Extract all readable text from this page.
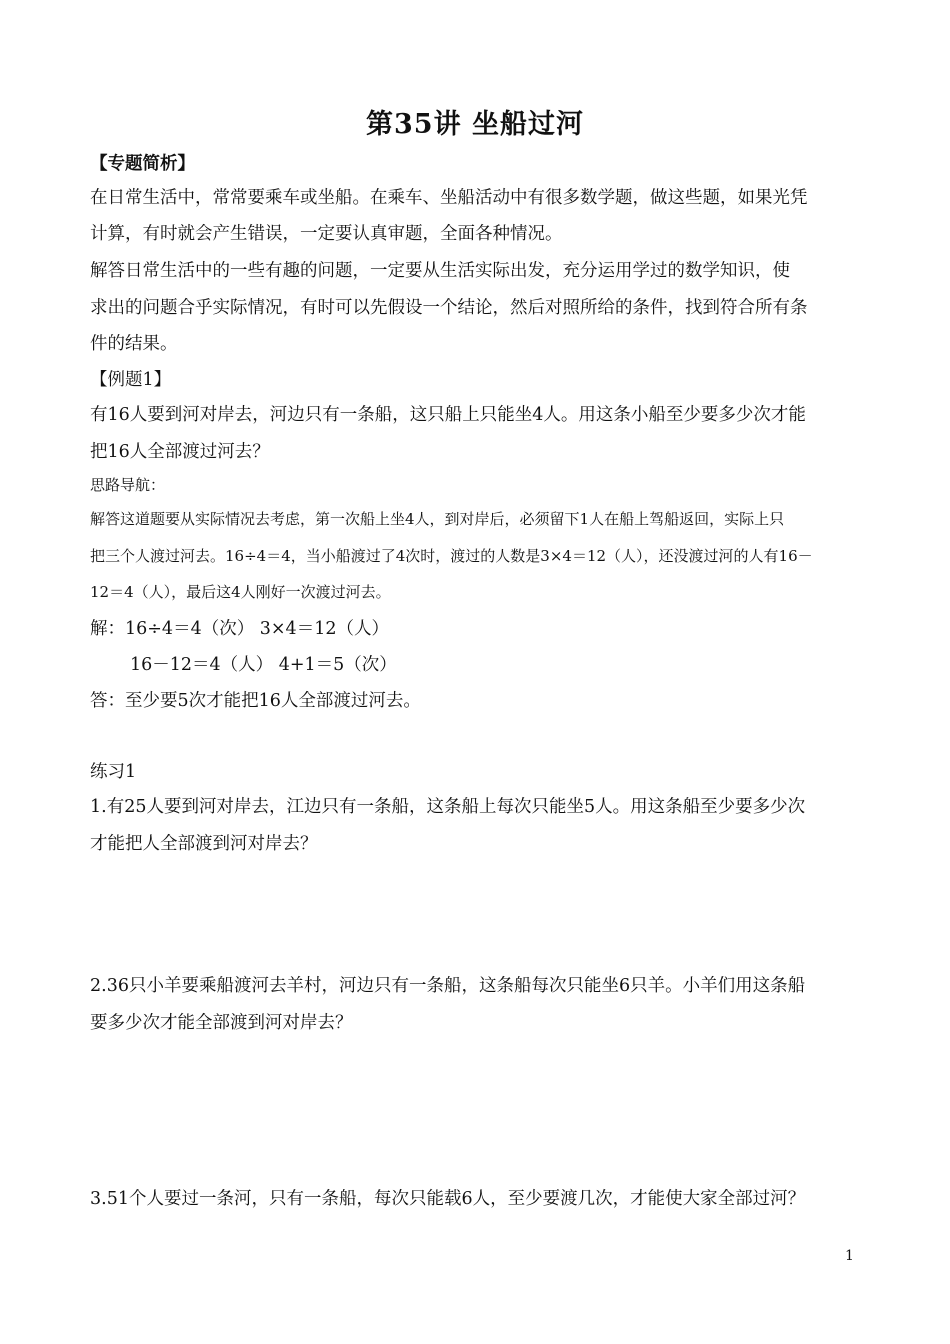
第35讲 坐船过河
【专题简析】
在日常生活中，常常要乘车或坐船。在乘车、坐船活动中有很多数学题，做这些题，如果光凭
计算，有时就会产生错误，一定要认真审题，全面各种情况。
解答日常生活中的一些有趣的问题，一定要从生活实际出发，充分运用学过的数学知识，使
求出的问题合乎实际情况，有时可以先假设一个结论，然后对照所给的条件，找到符合所有条
件的结果。
【例题1】
有16人要到河对岸去，河边只有一条船，这只船上只能坐4人。用这条小船至少要多少次才能
把16人全部渡过河去？
思路导航：
解答这道题要从实际情况去考虑，第一次船上坐4人，到对岸后，必须留下1人在船上驾船返回，实际上只
把三个人渡过河去。16÷4＝4，当小船渡过了4次时，渡过的人数是3×4＝12（人），还没渡过河的人有16－
12＝4（人），最后这4人刚好一次渡过河去。
解：16÷4＝4（次） 3×4＝12（人）
16－12＝4（人） 4+1＝5（次）
答：至少要5次才能把16人全部渡过河去。
练习1
1.有25人要到河对岸去，江边只有一条船，这条船上每次只能坐5人。用这条船至少要多少次
才能把人全部渡到河对岸去？
2.36只小羊要乘船渡河去羊村，河边只有一条船，这条船每次只能坐6只羊。小羊们用这条船
要多少次才能全部渡到河对岸去？
3.51个人要过一条河，只有一条船，每次只能载6人，至少要渡几次，才能使大家全部过河？
1
